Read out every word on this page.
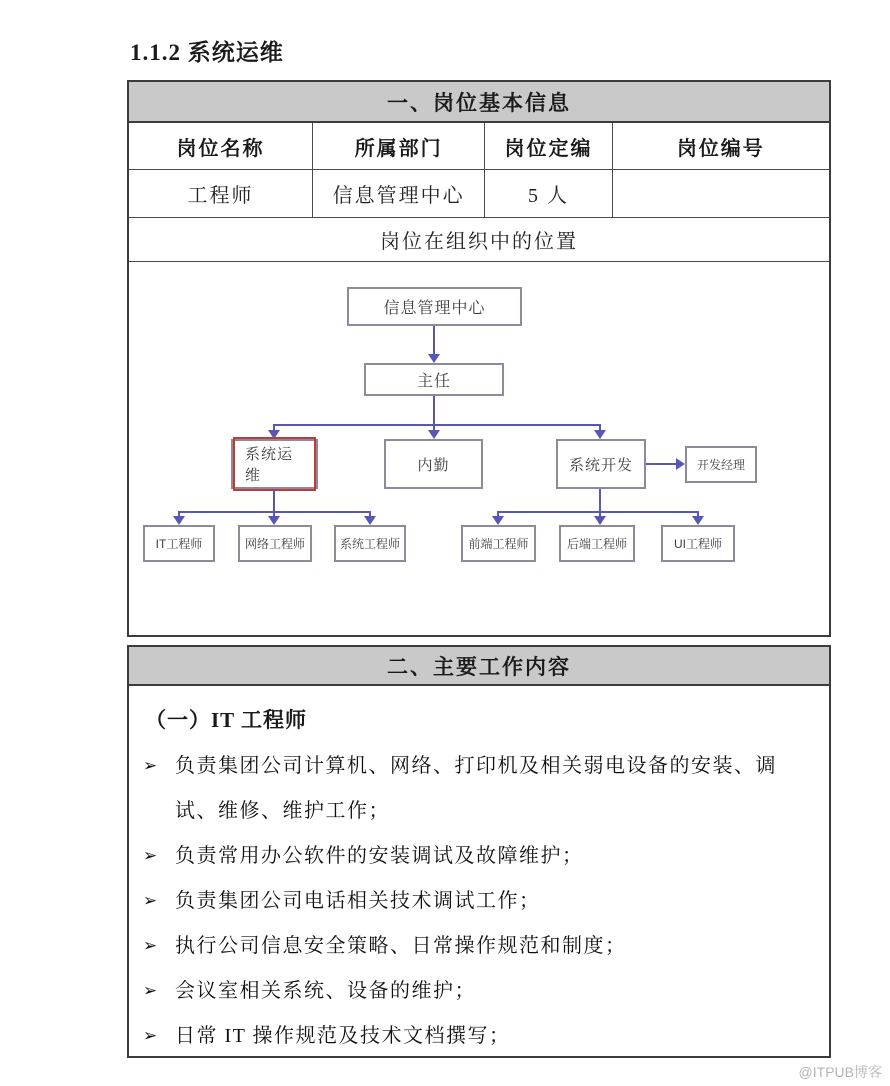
1.1.2 系统运维
一、岗位基本信息
岗位名称	所属部门	岗位定编	岗位编号
工程师	信息管理中心	5 人
岗位在组织中的位置
信息管理中心
主任
系统运维
内勤	系统开发	开发经理
IT工程师	网络工程师	系统工程师	前端工程师	后端工程师	UI工程师
二、主要工作内容
（一）IT 工程师
➢ 负责集团公司计算机、网络、打印机及相关弱电设备的安装、调试、维修、维护工作；
➢ 负责常用办公软件的安装调试及故障维护；
➢ 负责集团公司电话相关技术调试工作；
➢ 执行公司信息安全策略、日常操作规范和制度；
➢ 会议室相关系统、设备的维护；
➢ 日常 IT 操作规范及技术文档撰写；
@ITPUB博客
